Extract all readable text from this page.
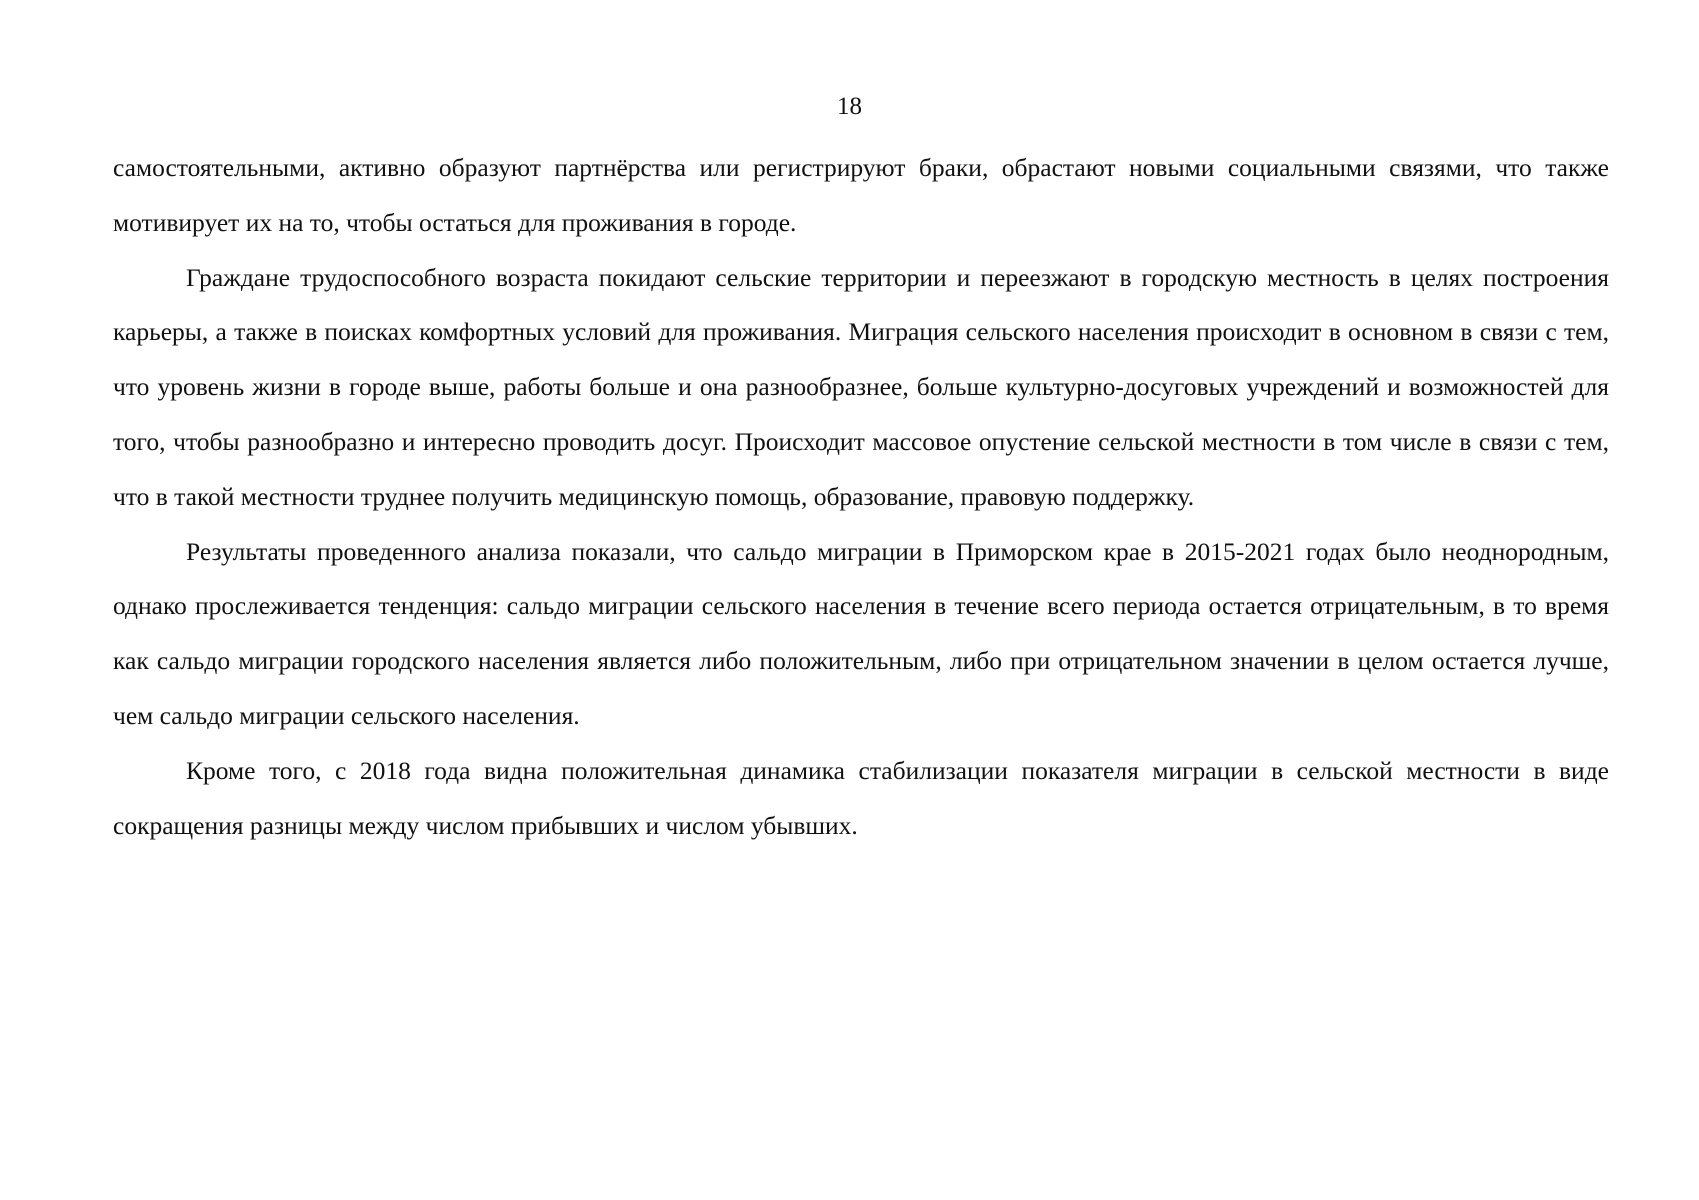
18

самостоятельными, активно образуют партнёрства или регистрируют браки, обрастают новыми социальными связями, что также мотивирует их на то, чтобы остаться для проживания в городе.

Граждане трудоспособного возраста покидают сельские территории и переезжают в городскую местность в целях построения карьеры, а также в поисках комфортных условий для проживания. Миграция сельского населения происходит в основном в связи с тем, что уровень жизни в городе выше, работы больше и она разнообразнее, больше культурно-досуговых учреждений и возможностей для того, чтобы разнообразно и интересно проводить досуг. Происходит массовое опустение сельской местности в том числе в связи с тем, что в такой местности труднее получить медицинскую помощь, образование, правовую поддержку.

Результаты проведенного анализа показали, что сальдо миграции в Приморском крае в 2015-2021 годах было неоднородным, однако прослеживается тенденция: сальдо миграции сельского населения в течение всего периода остается отрицательным, в то время как сальдо миграции городского населения является либо положительным, либо при отрицательном значении в целом остается лучше, чем сальдо миграции сельского населения.

Кроме того, с 2018 года видна положительная динамика стабилизации показателя миграции в сельской местности в виде сокращения разницы между числом прибывших и числом убывших.
